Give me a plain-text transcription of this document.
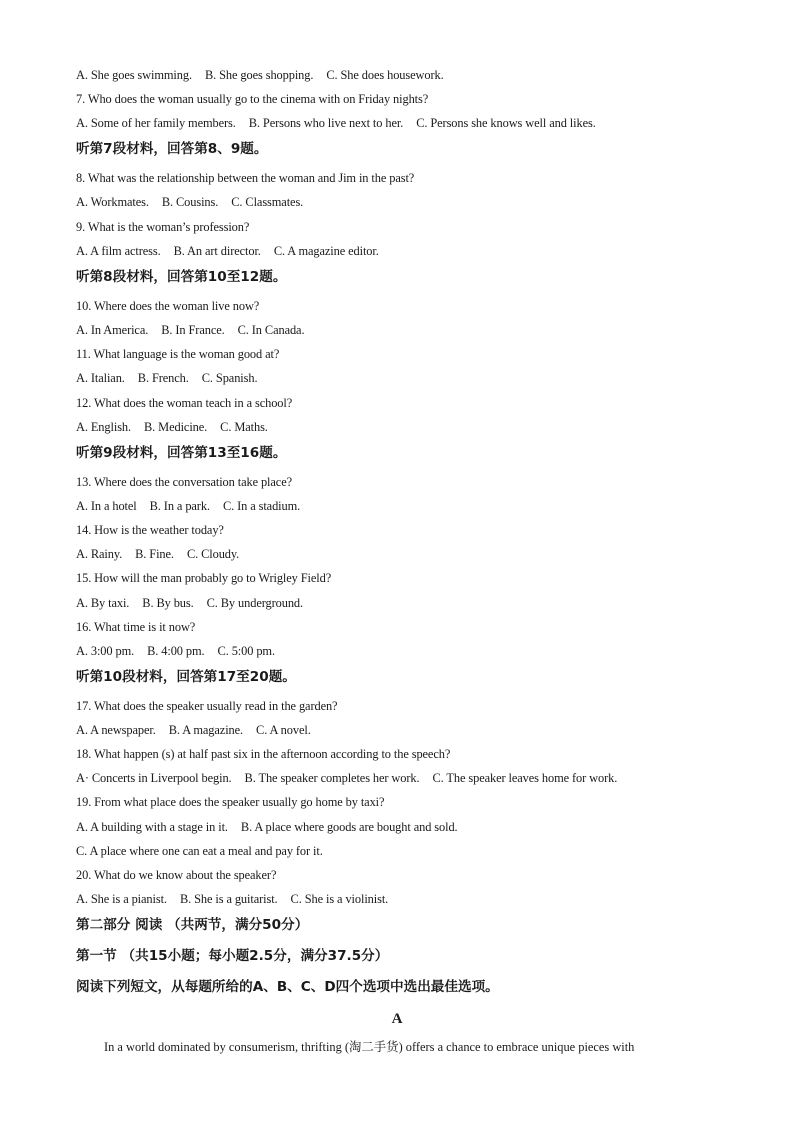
A. She goes swimming. B. She goes shopping. C. She does housework.
7. Who does the woman usually go to the cinema with on Friday nights?
A. Some of her family members. B. Persons who live next to her. C. Persons she knows well and likes.
听第7段材料，回答第8、9题。
8. What was the relationship between the woman and Jim in the past?
A. Workmates. B. Cousins. C. Classmates.
9. What is the woman’s profession?
A. A film actress. B. An art director. C. A magazine editor.
听第8段材料，回答第10至12题。
10. Where does the woman live now?
A. In America. B. In France. C. In Canada.
11. What language is the woman good at?
A. Italian. B. French. C. Spanish.
12. What does the woman teach in a school?
A. English. B. Medicine. C. Maths.
听第9段材料，回答第13至16题。
13. Where does the conversation take place?
A. In a hotel B. In a park. C. In a stadium.
14. How is the weather today?
A. Rainy. B. Fine. C. Cloudy.
15. How will the man probably go to Wrigley Field?
A. By taxi. B. By bus. C. By underground.
16. What time is it now?
A. 3:00 pm. B. 4:00 pm. C. 5:00 pm.
听第10段材料，回答第17至20题。
17. What does the speaker usually read in the garden?
A. A newspaper. B. A magazine. C. A novel.
18. What happen (s) at half past six in the afternoon according to the speech?
A· Concerts in Liverpool begin. B. The speaker completes her work. C. The speaker leaves home for work.
19. From what place does the speaker usually go home by taxi?
A. A building with a stage in it. B. A place where goods are bought and sold.
C. A place where one can eat a meal and pay for it.
20. What do we know about the speaker?
A. She is a pianist. B. She is a guitarist. C. She is a violinist.
第二部分 阅读 （共两节，满分50分）
第一节 （共15小题；每小题2.5分，满分37.5分）
阅读下列短文，从每题所给的A、B、C、D四个选项中选出最佳选项。
A
In a world dominated by consumerism, thrifting (淘二手货) offers a chance to embrace unique pieces with
